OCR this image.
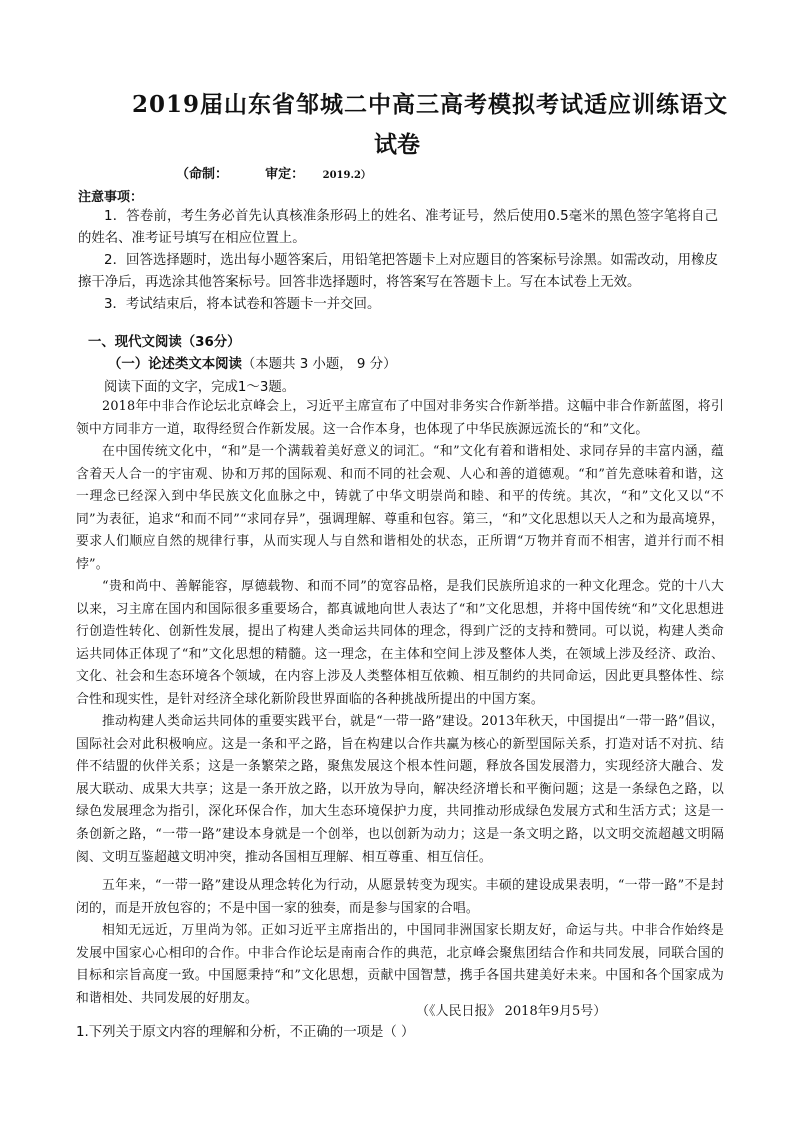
2019届山东省邹城二中高三高考模拟考试适应训练语文
试卷
（命制：	审定： 2019.2）
注意事项：
1．答卷前，考生务必首先认真核准条形码上的姓名、准考证号，然后使用0.5毫米的黑色签字笔将自己的姓名、准考证号填写在相应位置上。
2．回答选择题时，选出每小题答案后，用铅笔把答题卡上对应题目的答案标号涂黑。如需改动，用橡皮擦干净后，再选涂其他答案标号。回答非选择题时，将答案写在答题卡上。写在本试卷上无效。
3．考试结束后，将本试卷和答题卡一并交回。
一、现代文阅读（36分）
（一）论述类文本阅读（本题共 3 小题， 9 分）
阅读下面的文字，完成1～3题。
2018年中非合作论坛北京峰会上，习近平主席宣布了中国对非务实合作新举措。这幅中非合作新蓝图，将引领中方同非方一道，取得经贸合作新发展。这一合作本身，也体现了中华民族源远流长的“和”文化。
在中国传统文化中，“和”是一个满载着美好意义的词汇。“和”文化有着和谐相处、求同存异的丰富内涵，蕴含着天人合一的宇宙观、协和万邦的国际观、和而不同的社会观、人心和善的道德观。“和”首先意味着和谐，这一理念已经深入到中华民族文化血脉之中，铸就了中华文明崇尚和睦、和平的传统。其次，“和”文化又以“不同”为表征，追求“和而不同”“求同存异”，强调理解、尊重和包容。第三，“和”文化思想以天人之和为最高境界，要求人们顺应自然的规律行事，从而实现人与自然和谐相处的状态，正所谓“万物并育而不相害，道并行而不相悖”。
“贵和尚中、善解能容，厚德载物、和而不同”的宽容品格，是我们民族所追求的一种文化理念。党的十八大以来，习主席在国内和国际很多重要场合，都真诚地向世人表达了“和”文化思想，并将中国传统“和”文化思想进行创造性转化、创新性发展，提出了构建人类命运共同体的理念，得到广泛的支持和赞同。可以说，构建人类命运共同体正体现了“和”文化思想的精髓。这一理念，在主体和空间上涉及整体人类，在领域上涉及经济、政治、文化、社会和生态环境各个领域，在内容上涉及人类整体相互依赖、相互制约的共同命运，因此更具整体性、综合性和现实性，是针对经济全球化新阶段世界面临的各种挑战所提出的中国方案。
推动构建人类命运共同体的重要实践平台，就是“一带一路”建设。2013年秋天，中国提出“一带一路”倡议，国际社会对此积极响应。这是一条和平之路，旨在构建以合作共赢为核心的新型国际关系，打造对话不对抗、结伴不结盟的伙伴关系；这是一条繁荣之路，聚焦发展这个根本性问题，释放各国发展潜力，实现经济大融合、发展大联动、成果大共享；这是一条开放之路，以开放为导向，解决经济增长和平衡问题；这是一条绿色之路，以绿色发展理念为指引，深化环保合作，加大生态环境保护力度，共同推动形成绿色发展方式和生活方式；这是一条创新之路，“一带一路”建设本身就是一个创举，也以创新为动力；这是一条文明之路，以文明交流超越文明隔阂、文明互鉴超越文明冲突，推动各国相互理解、相互尊重、相互信任。
五年来，“一带一路”建设从理念转化为行动，从愿景转变为现实。丰硕的建设成果表明，“一带一路”不是封闭的，而是开放包容的；不是中国一家的独奏，而是参与国家的合唱。
相知无远近，万里尚为邻。正如习近平主席指出的，中国同非洲国家长期友好，命运与共。中非合作始终是发展中国家心心相印的合作。中非合作论坛是南南合作的典范，北京峰会聚焦团结合作和共同发展，同联合国的目标和宗旨高度一致。中国愿秉持“和”文化思想，贡献中国智慧，携手各国共建美好未来。中国和各个国家成为和谐相处、共同发展的好朋友。
（《人民日报》 2018年9月5号）
1.下列关于原文内容的理解和分析，不正确的一项是（ ）
